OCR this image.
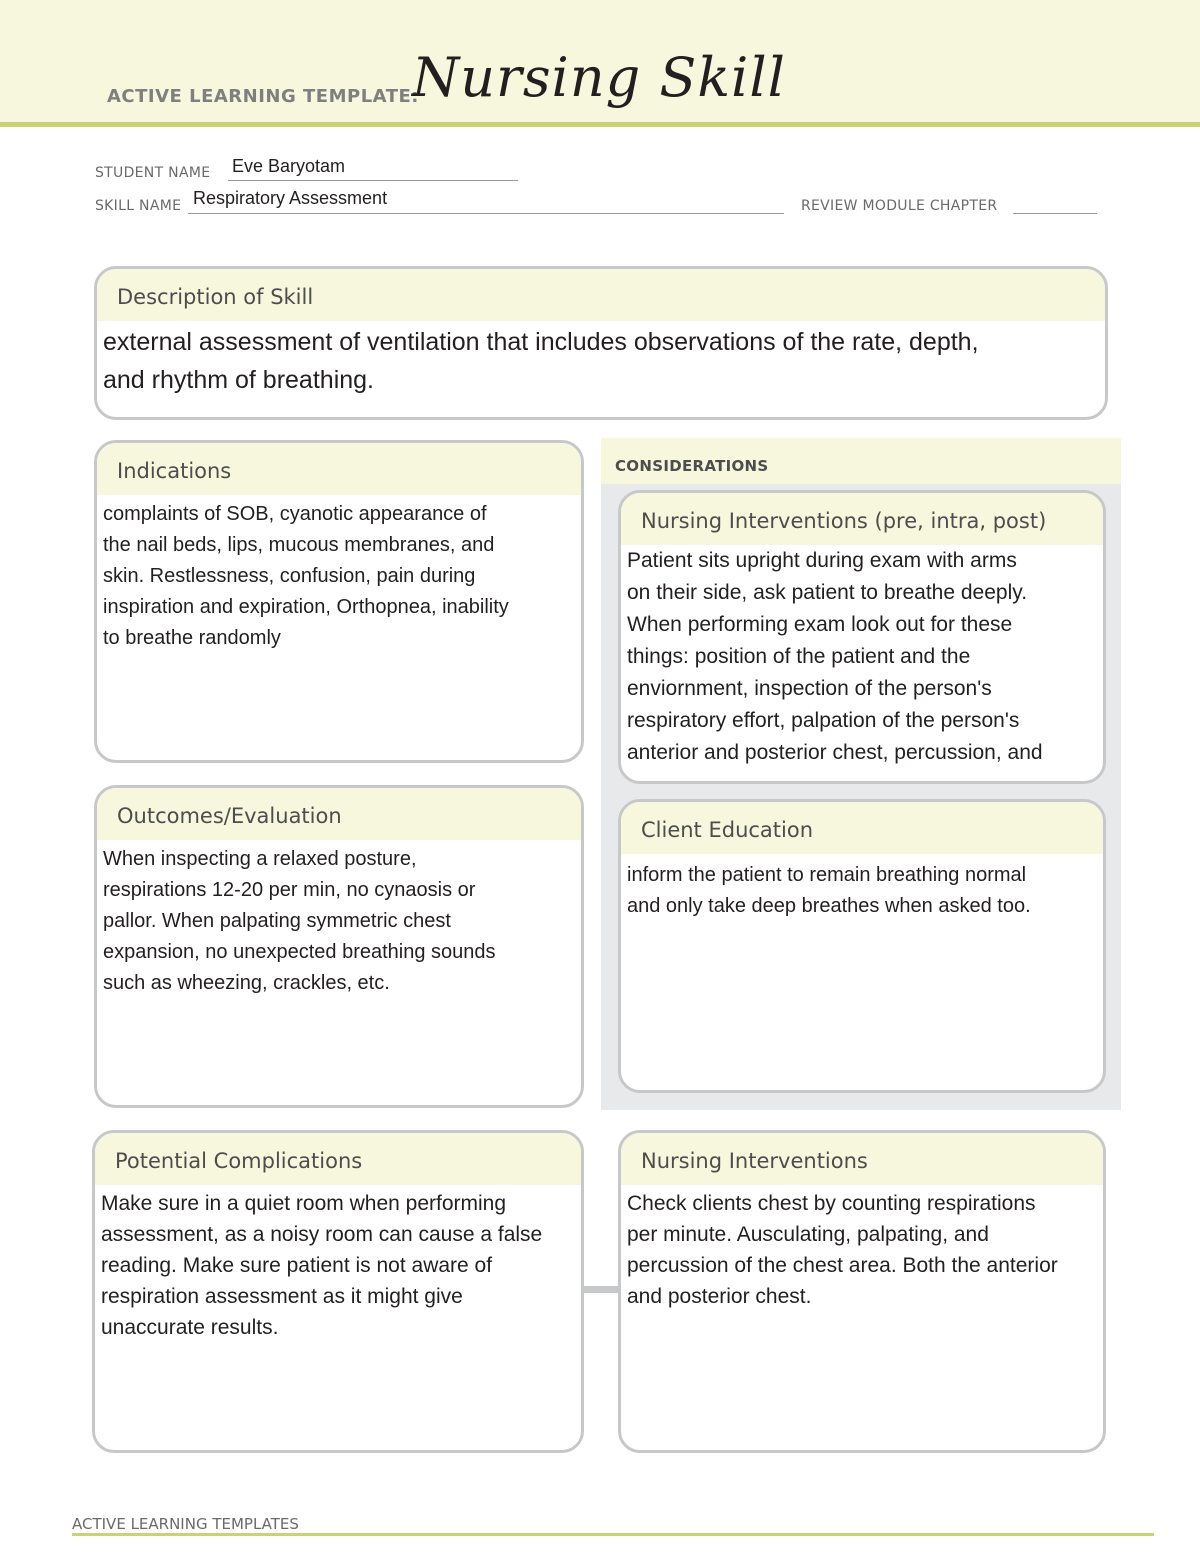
ACTIVE LEARNING TEMPLATE:
Nursing Skill
STUDENT NAME Eve Baryotam
SKILL NAME Respiratory Assessment	REVIEW MODULE CHAPTER
Description of Skill
external assessment of ventilation that includes observations of the rate, depth,
and rhythm of breathing.
Indications
complaints of SOB, cyanotic appearance of
the nail beds, lips, mucous membranes, and
skin. Restlessness, confusion, pain during
inspiration and expiration, Orthopnea, inability
to breathe randomly
CONSIDERATIONS
Nursing Interventions (pre, intra, post)
Patient sits upright during exam with arms
on their side, ask patient to breathe deeply.
When performing exam look out for these
things: position of the patient and the
enviornment, inspection of the person's
respiratory effort, palpation of the person's
anterior and posterior chest, percussion, and
Client Education
inform the patient to remain breathing normal
and only take deep breathes when asked too.
Outcomes/Evaluation
When inspecting a relaxed posture,
respirations 12-20 per min, no cynaosis or
pallor. When palpating symmetric chest
expansion, no unexpected breathing sounds
such as wheezing, crackles, etc.
Potential Complications
Make sure in a quiet room when performing
assessment, as a noisy room can cause a false
reading. Make sure patient is not aware of
respiration assessment as it might give
unaccurate results.
Nursing Interventions
Check clients chest by counting respirations
per minute. Ausculating, palpating, and
percussion of the chest area. Both the anterior
and posterior chest.
ACTIVE LEARNING TEMPLATES
